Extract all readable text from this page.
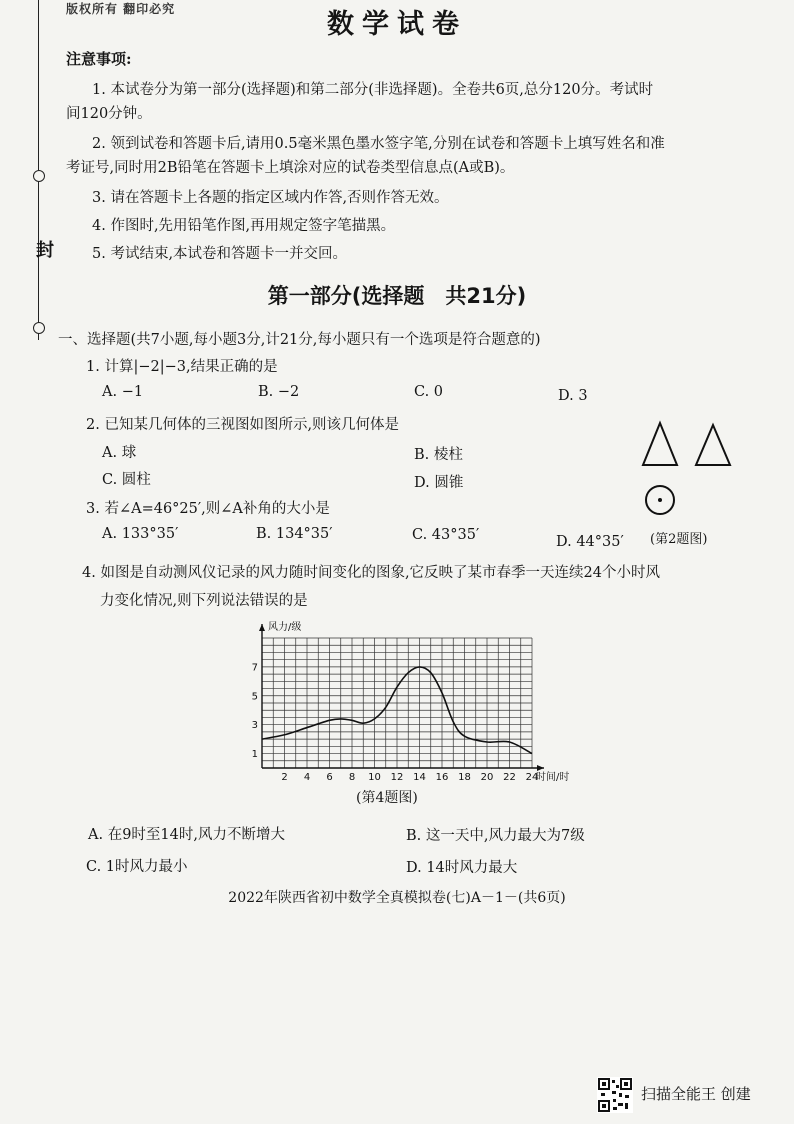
封
版权所有 翻印必究	数学试卷
注意事项:
1. 本试卷分为第一部分(选择题)和第二部分(非选择题)。全卷共6页,总分120分。考试时
间120分钟。
2. 领到试卷和答题卡后,请用0.5毫米黑色墨水签字笔,分别在试卷和答题卡上填写姓名和准
考证号,同时用2B铅笔在答题卡上填涂对应的试卷类型信息点(A或B)。
3. 请在答题卡上各题的指定区域内作答,否则作答无效。
4. 作图时,先用铅笔作图,再用规定签字笔描黑。
5. 考试结束,本试卷和答题卡一并交回。
第一部分(选择题　共21分)
一、选择题(共7小题,每小题3分,计21分,每小题只有一个选项是符合题意的)
1. 计算|−2|−3,结果正确的是
A. −1	B. −2	C. 0	D. 3
2. 已知某几何体的三视图如图所示,则该几何体是
A. 球	B. 棱柱
C. 圆柱	D. 圆锥
(第2题图)
3. 若∠A=46°25′,则∠A补角的大小是
A. 133°35′	B. 134°35′	C. 43°35′	D. 44°35′
4. 如图是自动测风仪记录的风力随时间变化的图象,它反映了某市春季一天连续24个小时风
力变化情况,则下列说法错误的是
2 4 6 8 10 12 14 16 18 20 22 24
1
3
5
7
风力/级
时间/时
(第4题图)
A. 在9时至14时,风力不断增大	B. 这一天中,风力最大为7级
C. 1时风力最小	D. 14时风力最大
2022年陕西省初中数学全真模拟卷(七)A－1－(共6页)
扫描全能王 创建
